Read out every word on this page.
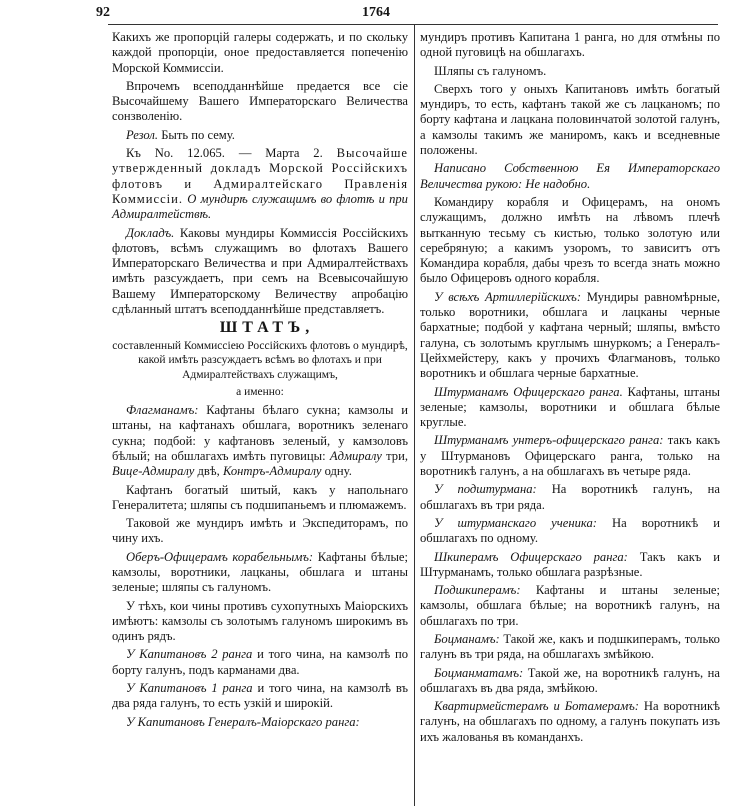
92	1764

Какихъ же пропорцій галеры содержать, и по скольку каждой пропорціи, оное предоставляется попеченію Морской Коммиссіи.

Впрочемъ всеподданнѣйше предается все сіе Высочайшему Вашего Императорскаго Величества сонзволенію.

Резол. Быть по сему.

Къ No. 12.065. — Марта 2. Высочайше утвержденный докладъ Морской Россійскихъ флотовъ и Адмиралтейскаго Правленія Коммиссіи. О мундирѣ служащимъ во флотѣ и при Адмиралтействѣ.

Докладъ. Каковы мундиры Коммиссія Россійскихъ флотовъ, всѣмъ служащимъ во флотахъ Вашего Императорскаго Величества и при Адмиралтействахъ имѣть разсуждаетъ, при семъ на Всевысочайшую Вашему Императорскому Величеству апробацію сдѣланный штатъ всеподданнѣйше представляетъ.

ШТАТЪ,

составленный Коммиссіею Россійскихъ флотовъ о мундирѣ, какой имѣть разсуждаетъ всѣмъ во флотахъ и при Адмиралтействахъ служащимъ,

а именно:

Флагманамъ: Кафтаны бѣлаго сукна; камзолы и штаны, на кафтанахъ обшлага, воротникъ зеленаго сукна; подбой: у кафтановъ зеленый, у камзоловъ бѣлый; на обшлагахъ имѣть пуговицы: Адмиралу три, Вице-Адмиралу двѣ, Контръ-Адмиралу одну.

Кафтанъ богатый шитый, какъ у напольнаго Генералитета; шляпы съ подшипаньемъ и плюмажемъ.

Таковой же мундиръ имѣть и Экспедиторамъ, по чину ихъ.

Оберъ-Офицерамъ корабельнымъ: Кафтаны бѣлые; камзолы, воротники, лацканы, обшлага и штаны зеленые; шляпы съ галуномъ.

У тѣхъ, кои чины противъ сухопутныхъ Маіорскихъ имѣютъ: камзолы съ золотымъ галуномъ широкимъ въ одинъ рядъ.

У Капитановъ 2 ранга и того чина, на камзолѣ по борту галунъ, подъ карманами два.

У Капитановъ 1 ранга и того чина, на камзолѣ въ два ряда галунъ, то есть узкій и широкій.

У Капитановъ Генералъ-Маіорскаго ранга:

мундиръ противъ Капитана 1 ранга, но для отмѣны по одной пуговицѣ на обшлагахъ.

Шляпы съ галуномъ.

Сверхъ того у оныхъ Капитановъ имѣть богатый мундиръ, то есть, кафтанъ такой же съ лацканомъ; по борту кафтана и лацкана половинчатой золотой галунъ, а камзолы такимъ же маниромъ, какъ и вседневные положены.

Написано Собственною Ея Императорскаго Величества рукою: Не надобно.

Командиру корабля и Офицерамъ, на ономъ служащимъ, должно имѣть на лѣвомъ плечѣ вытканную тесьму съ кистью, только золотую или серебряную; а какимъ узоромъ, то зависитъ отъ Командира корабля, дабы чрезъ то всегда знать можно было Офицеровъ одного корабля.

У всѣхъ Артиллерійскихъ: Мундиры равномѣрные, только воротники, обшлага и лацканы черные бархатные; подбой у кафтана черный; шляпы, вмѣсто галуна, съ золотымъ круглымъ шнуркомъ; а Генералъ-Цейхмейстеру, какъ у прочихъ Флагмановъ, только воротникъ и обшлага черные бархатные.

Штурманамъ Офицерскаго ранга. Кафтаны, штаны зеленые; камзолы, воротники и обшлага бѣлые круглые.

Штурманамъ унтеръ-офицерскаго ранга: такъ какъ у Штурмановъ Офицерскаго ранга, только на воротникѣ галунъ, а на обшлагахъ въ четыре ряда.

У подштурмана: На воротникѣ галунъ, на обшлагахъ въ три ряда.

У штурманскаго ученика: На воротникѣ и обшлагахъ по одному.

Шкиперамъ Офицерскаго ранга: Такъ какъ и Штурманамъ, только обшлага разрѣзные.

Подшкиперамъ: Кафтаны и штаны зеленые; камзолы, обшлага бѣлые; на воротникѣ галунъ, на обшлагахъ по три.

Боцманамъ: Такой же, какъ и подшкиперамъ, только галунъ въ три ряда, на обшлагахъ змѣйкою.

Боцманматамъ: Такой же, на воротникѣ галунъ, на обшлагахъ въ два ряда, змѣйкою.

Квартирмейстерамъ и Ботамерамъ: На воротникѣ галунъ, на обшлагахъ по одному, а галунъ покупать изъ ихъ жалованья въ команданхъ.
